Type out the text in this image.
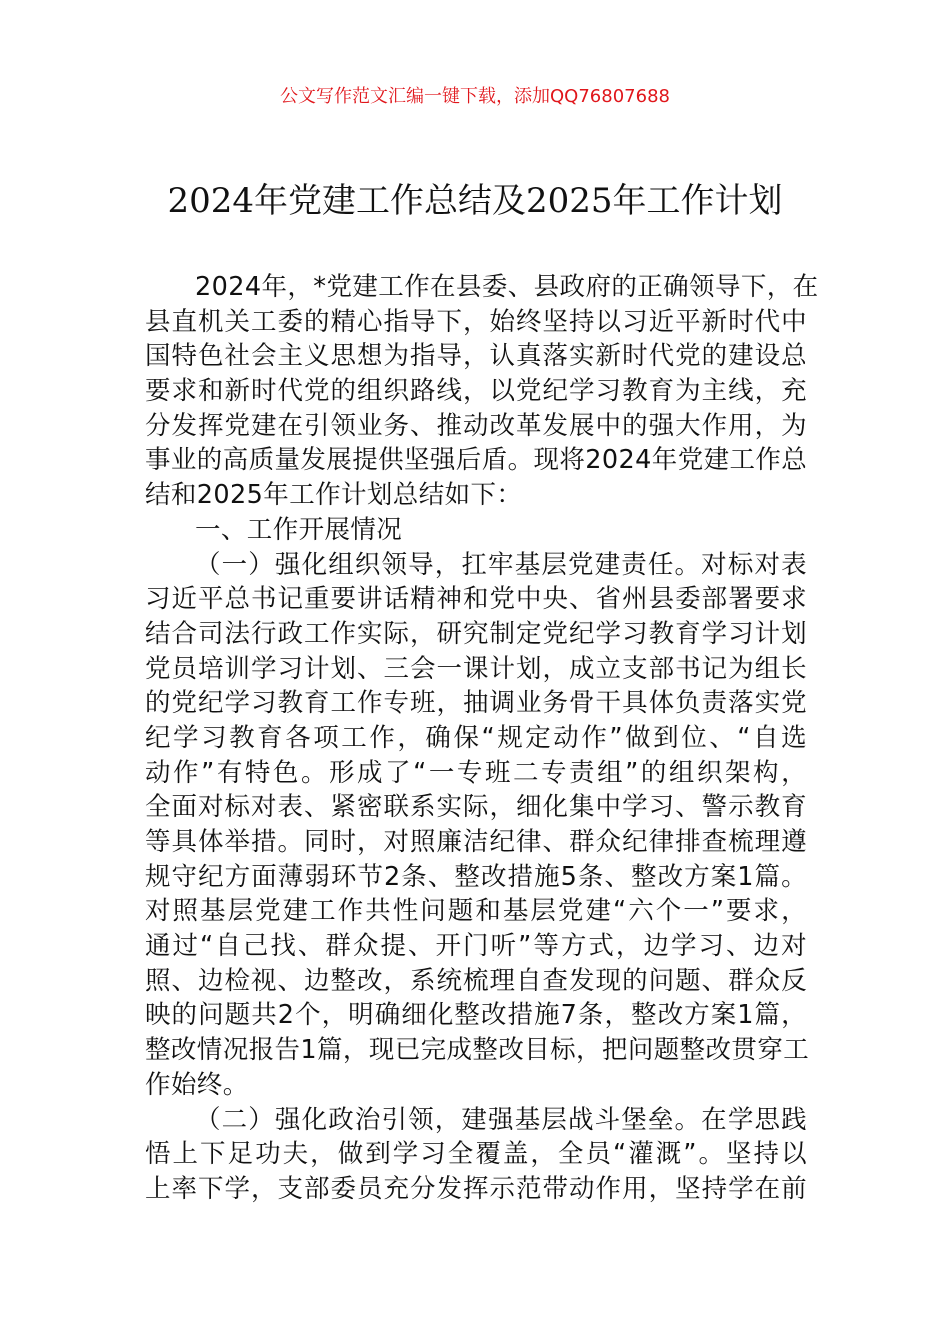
公文写作范文汇编一键下载，添加QQ76807688
2024年党建工作总结及2025年工作计划
2024年，*党建工作在县委、县政府的正确领导下，在
县直机关工委的精心指导下，始终坚持以习近平新时代中
国特色社会主义思想为指导，认真落实新时代党的建设总
要求和新时代党的组织路线，以党纪学习教育为主线，充
分发挥党建在引领业务、推动改革发展中的强大作用，为
事业的高质量发展提供坚强后盾。现将2024年党建工作总
结和2025年工作计划总结如下：
一、工作开展情况
（一）强化组织领导，扛牢基层党建责任。对标对表
习近平总书记重要讲话精神和党中央、省州县委部署要求
结合司法行政工作实际，研究制定党纪学习教育学习计划
党员培训学习计划、三会一课计划，成立支部书记为组长
的党纪学习教育工作专班，抽调业务骨干具体负责落实党
纪学习教育各项工作，确保“规定动作”做到位、“自选
动作”有特色。形成了“一专班二专责组”的组织架构，
全面对标对表、紧密联系实际，细化集中学习、警示教育
等具体举措。同时，对照廉洁纪律、群众纪律排查梳理遵
规守纪方面薄弱环节2条、整改措施5条、整改方案1篇。
对照基层党建工作共性问题和基层党建“六个一”要求，
通过“自己找、群众提、开门听”等方式，边学习、边对
照、边检视、边整改，系统梳理自查发现的问题、群众反
映的问题共2个，明确细化整改措施7条，整改方案1篇，
整改情况报告1篇，现已完成整改目标，把问题整改贯穿工
作始终。
（二）强化政治引领，建强基层战斗堡垒。在学思践
悟上下足功夫，做到学习全覆盖，全员“灌溉”。坚持以
上率下学，支部委员充分发挥示范带动作用，坚持学在前
